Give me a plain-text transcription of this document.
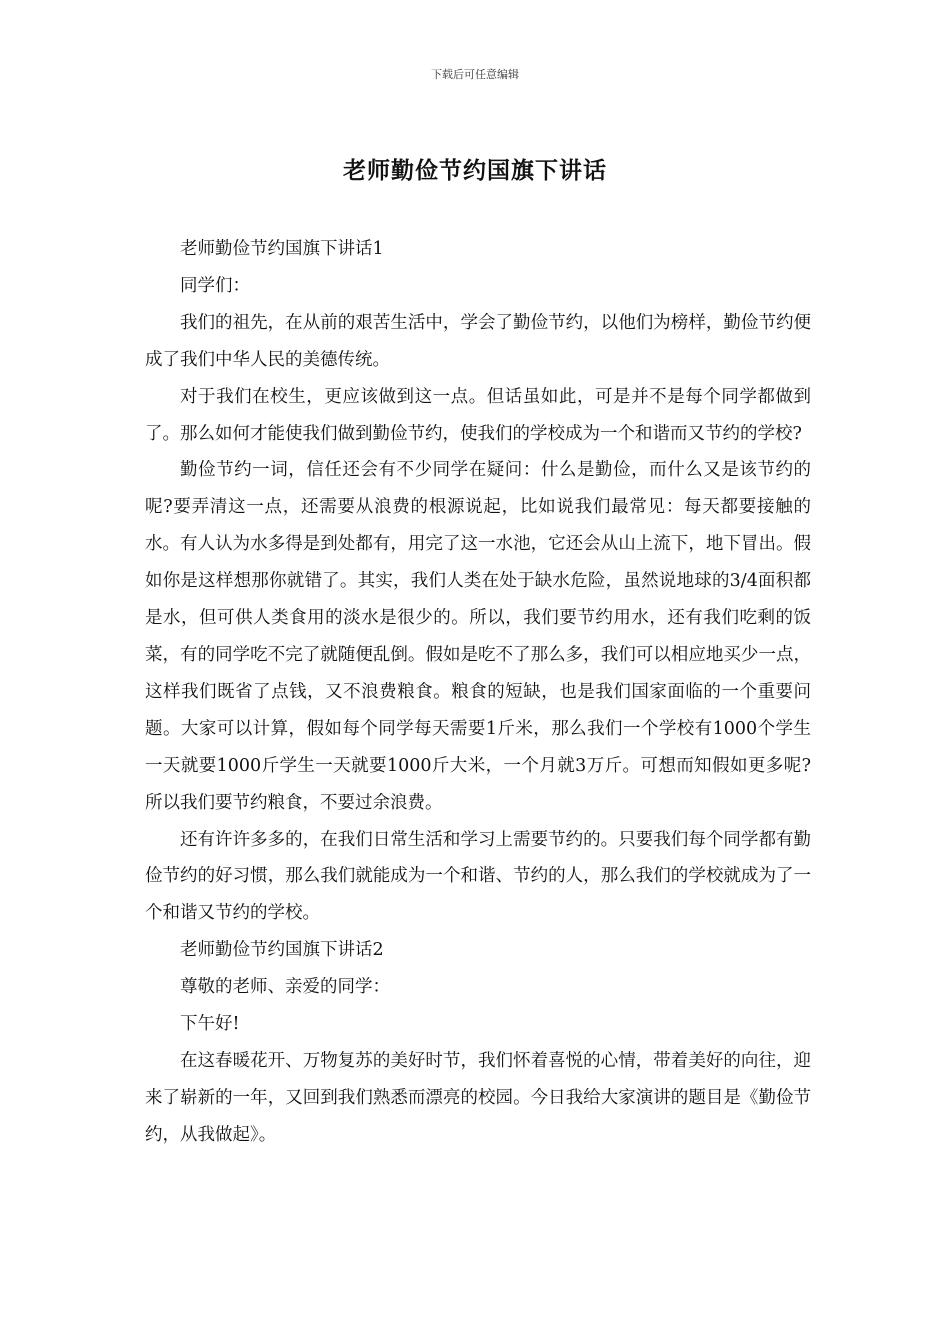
下载后可任意编辑
老师勤俭节约国旗下讲话

老师勤俭节约国旗下讲话1

同学们：

我们的祖先，在从前的艰苦生活中，学会了勤俭节约，以他们为榜样，勤俭节约便成了我们中华人民的美德传统。

对于我们在校生，更应该做到这一点。但话虽如此，可是并不是每个同学都做到了。那么如何才能使我们做到勤俭节约，使我们的学校成为一个和谐而又节约的学校?

勤俭节约一词，信任还会有不少同学在疑问：什么是勤俭，而什么又是该节约的呢?要弄清这一点，还需要从浪费的根源说起，比如说我们最常见：每天都要接触的水。有人认为水多得是到处都有，用完了这一水池，它还会从山上流下，地下冒出。假如你是这样想那你就错了。其实，我们人类在处于缺水危险，虽然说地球的3/4面积都是水，但可供人类食用的淡水是很少的。所以，我们要节约用水，还有我们吃剩的饭菜，有的同学吃不完了就随便乱倒。假如是吃不了那么多，我们可以相应地买少一点，这样我们既省了点钱，又不浪费粮食。粮食的短缺，也是我们国家面临的一个重要问题。大家可以计算，假如每个同学每天需要1斤米，那么我们一个学校有1000个学生一天就要1000斤学生一天就要1000斤大米，一个月就3万斤。可想而知假如更多呢?所以我们要节约粮食，不要过余浪费。

还有许许多多的，在我们日常生活和学习上需要节约的。只要我们每个同学都有勤俭节约的好习惯，那么我们就能成为一个和谐、节约的人，那么我们的学校就成为了一个和谐又节约的学校。

老师勤俭节约国旗下讲话2

尊敬的老师、亲爱的同学：

下午好!

在这春暖花开、万物复苏的美好时节，我们怀着喜悦的心情，带着美好的向往，迎来了崭新的一年，又回到我们熟悉而漂亮的校园。今日我给大家演讲的题目是《勤俭节约，从我做起》。
